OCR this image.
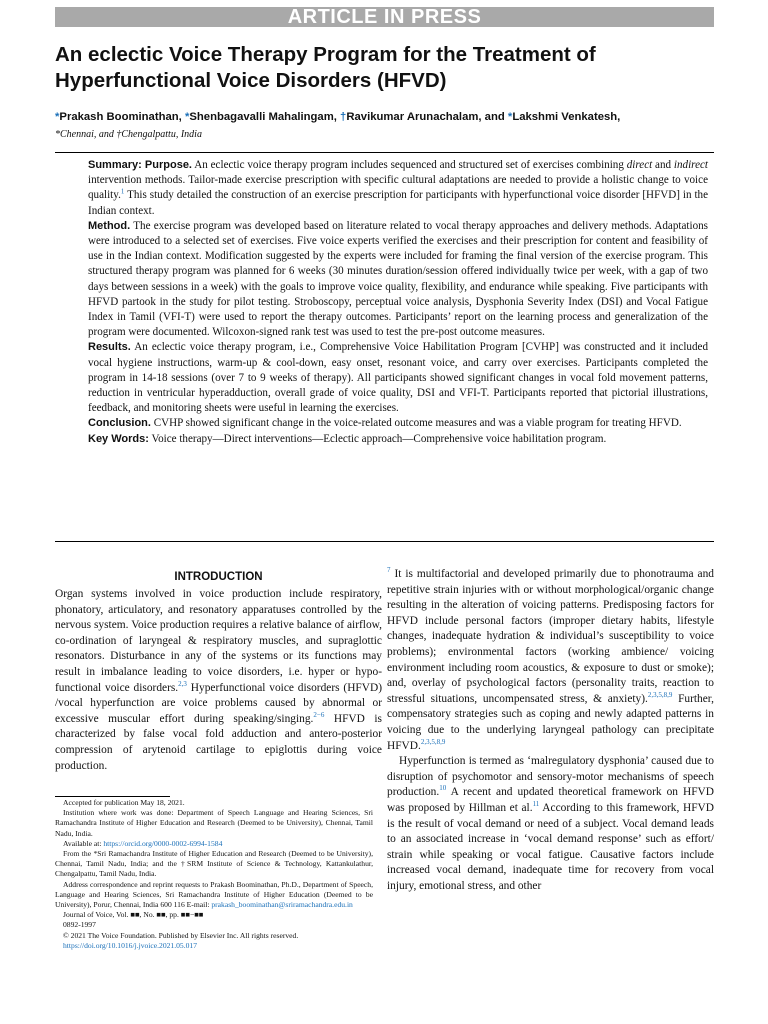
ARTICLE IN PRESS
An eclectic Voice Therapy Program for the Treatment of Hyperfunctional Voice Disorders (HFVD)
*Prakash Boominathan, *Shenbagavalli Mahalingam, †Ravikumar Arunachalam, and *Lakshmi Venkatesh,
*Chennai, and †Chengalpattu, India

Summary: Purpose. An eclectic voice therapy program includes sequenced and structured set of exercises combining direct and indirect intervention methods. Tailor-made exercise prescription with specific cultural adaptations are needed to provide a holistic change to voice quality.$^1$ This study detailed the construction of an exercise prescription for participants with hyperfunctional voice disorder [HFVD] in the Indian context.

Method. The exercise program was developed based on literature related to vocal therapy approaches and delivery methods. Adaptations were introduced to a selected set of exercises. Five voice experts verified the exercises and their prescription for content and feasibility of use in the Indian context. Modification suggested by the experts were included for framing the final version of the exercise program. This structured therapy program was planned for 6 weeks (30 minutes duration/session offered individually twice per week, with a gap of two days between sessions in a week) with the goals to improve voice quality, flexibility, and endurance while speaking. Five participants with HFVD partook in the study for pilot testing. Stroboscopy, perceptual voice analysis, Dysphonia Severity Index (DSI) and Vocal Fatigue Index in Tamil (VFI-T) were used to report the therapy outcomes. Participants’ report on the learning process and generalization of the program were documented. Wilcoxon-signed rank test was used to test the pre-post outcome measures.

Results. An eclectic voice therapy program, i.e., Comprehensive Voice Habilitation Program [CVHP] was constructed and it included vocal hygiene instructions, warm-up & cool-down, easy onset, resonant voice, and carry over exercises. Participants completed the program in 14-18 sessions (over 7 to 9 weeks of therapy). All participants showed significant changes in vocal fold movement patterns, reduction in ventricular hyperadduction, overall grade of voice quality, DSI and VFI-T. Participants reported that pictorial illustrations, feedback, and monitoring sheets were useful in learning the exercises.

Conclusion. CVHP showed significant change in the voice-related outcome measures and was a viable program for treating HFVD.

Key Words: Voice therapy—Direct interventions—Eclectic approach—Comprehensive voice habilitation program.

INTRODUCTION

Organ systems involved in voice production include respiratory, phonatory, articulatory, and resonatory apparatuses controlled by the nervous system. Voice production requires a relative balance of airflow, co-ordination of laryngeal & respiratory muscles, and supraglottic resonators. Disturbance in any of the systems or its functions may result in imbalance leading to voice disorders, i.e. hyper or hypo-functional voice disorders.$^{2,3}$ Hyperfunctional voice disorders (HFVD) /vocal hyperfunction are voice problems caused by abnormal or excessive muscular effort during speaking/singing.$^{2-6}$ HFVD is characterized by false vocal fold adduction and antero-posterior compression of arytenoid cartilage to epiglottis during voice production.

$^7$ It is multifactorial and developed primarily due to phonotrauma and repetitive strain injuries with or without morphological/organic change resulting in the alteration of voicing patterns. Predisposing factors for HFVD include personal factors (improper dietary habits, lifestyle changes, inadequate hydration & individual’s susceptibility to voice problems); environmental factors (working ambience/ voicing environment including room acoustics, & exposure to dust or smoke); and, overlay of psychological factors (personality traits, reaction to stressful situations, uncompensated stress, & anxiety).$^{2,3,5,8,9}$ Further, compensatory strategies such as coping and newly adapted patterns in voicing due to the underlying laryngeal pathology can precipitate HFVD.$^{2,3,5,8,9}$

Hyperfunction is termed as ‘malregulatory dysphonia’ caused due to disruption of psychomotor and sensory-motor mechanisms of speech production.$^{10}$ A recent and updated theoretical framework on HFVD was proposed by Hillman et al.$^{11}$ According to this framework, HFVD is the result of vocal demand or need of a subject. Vocal demand leads to an associated increase in ‘vocal demand response’ such as effort/ strain while speaking or vocal fatigue. Causative factors include increased vocal demand, inadequate time for recovery from vocal injury, emotional stress, and other

Accepted for publication May 18, 2021.

Institution where work was done: Department of Speech Language and Hearing Sciences, Sri Ramachandra Institute of Higher Education and Research (Deemed to be University), Chennai, Tamil Nadu, India.

Available at: https://orcid.org/0000-0002-6994-1584

From the *Sri Ramachandra Institute of Higher Education and Research (Deemed to be University), Chennai, Tamil Nadu, India; and the †SRM Institute of Science & Technology, Kattankulathur, Chengalpattu, Tamil Nadu, India.

Address correspondence and reprint requests to Prakash Boominathan, Ph.D., Department of Speech, Language and Hearing Sciences, Sri Ramachandra Institute of Higher Education (Deemed to be University), Porur, Chennai, India 600 116 E-mail: prakash_boominathan@sriramachandra.edu.in

Journal of Voice, Vol. ■■, No. ■■, pp. ■■−■■

0892-1997

© 2021 The Voice Foundation. Published by Elsevier Inc. All rights reserved.

https://doi.org/10.1016/j.jvoice.2021.05.017
